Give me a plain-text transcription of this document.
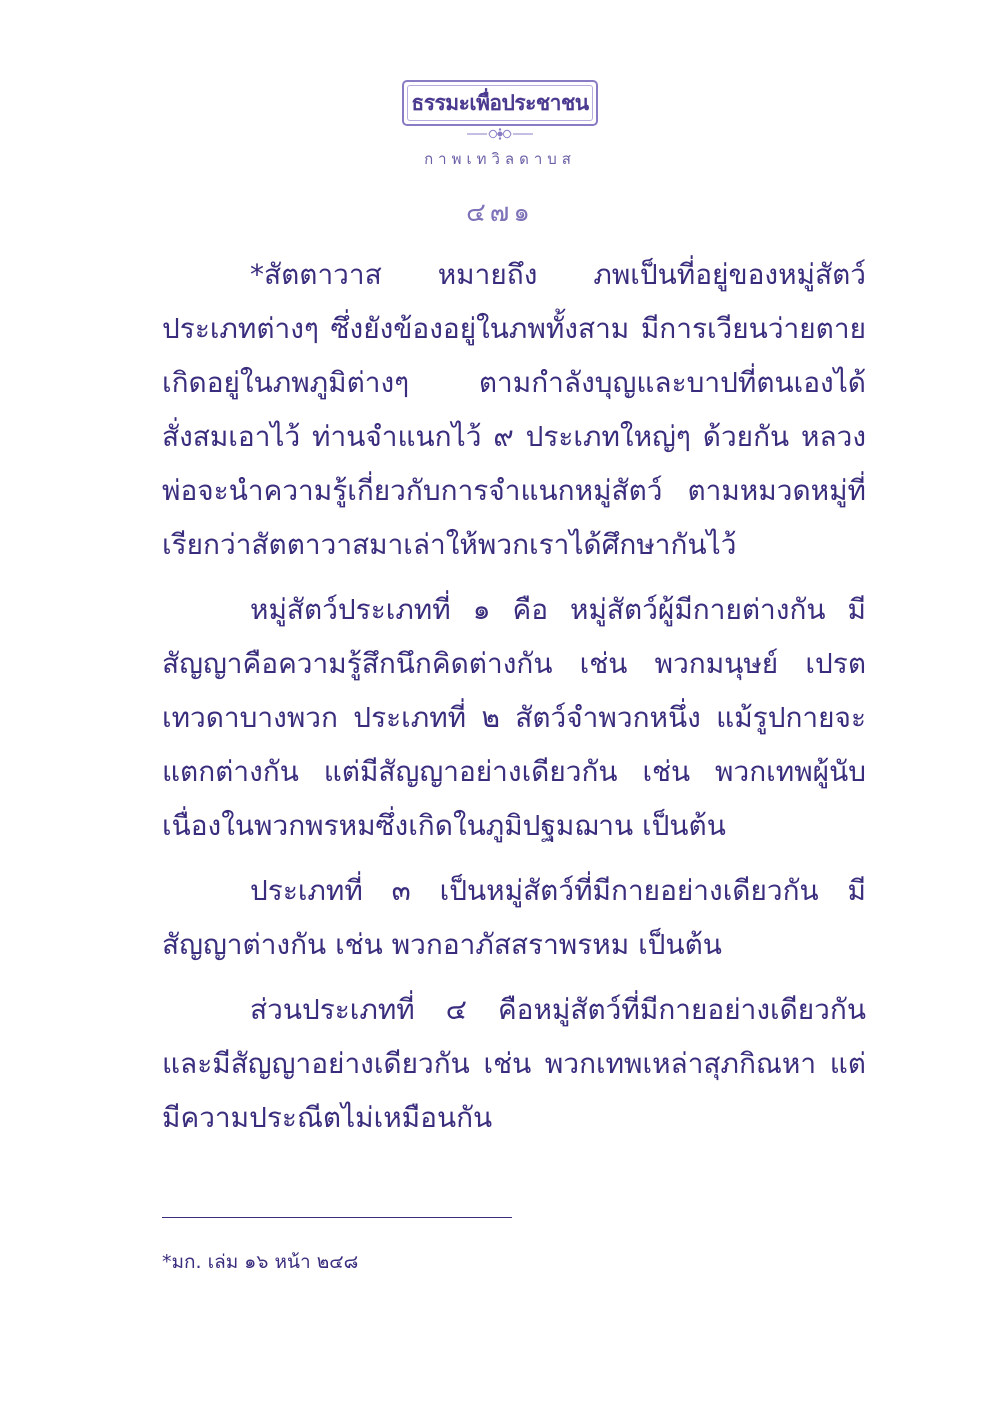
ธรรมะเพื่อประชาชน
กาพเทวิลดาบส
๔๗๑

*สัตตาวาส หมายถึง ภพเป็นที่อยู่ของหมู่สัตว์ประเภทต่างๆ ซึ่งยังข้องอยู่ในภพทั้งสาม มีการเวียนว่ายตายเกิดอยู่ในภพภูมิต่างๆ ตามกำลังบุญและบาปที่ตนเองได้สั่งสมเอาไว้ ท่านจำแนกไว้ ๙ ประเภทใหญ่ๆ ด้วยกัน หลวงพ่อจะนำความรู้เกี่ยวกับการจำแนกหมู่สัตว์ ตามหมวดหมู่ที่เรียกว่าสัตตาวาสมาเล่าให้พวกเราได้ศึกษากันไว้

หมู่สัตว์ประเภทที่ ๑ คือ หมู่สัตว์ผู้มีกายต่างกัน มีสัญญาคือความรู้สึกนึกคิดต่างกัน เช่น พวกมนุษย์ เปรต เทวดาบางพวก ประเภทที่ ๒ สัตว์จำพวกหนึ่ง แม้รูปกายจะแตกต่างกัน แต่มีสัญญาอย่างเดียวกัน เช่น พวกเทพผู้นับเนื่องในพวกพรหมซึ่งเกิดในภูมิปฐมฌาน เป็นต้น

ประเภทที่ ๓ เป็นหมู่สัตว์ที่มีกายอย่างเดียวกัน มีสัญญาต่างกัน เช่น พวกอาภัสสราพรหม เป็นต้น

ส่วนประเภทที่ ๔ คือหมู่สัตว์ที่มีกายอย่างเดียวกัน และมีสัญญาอย่างเดียวกัน เช่น พวกเทพเหล่าสุภกิณหา แต่มีความประณีตไม่เหมือนกัน

*มก. เล่ม ๑๖ หน้า ๒๔๘
